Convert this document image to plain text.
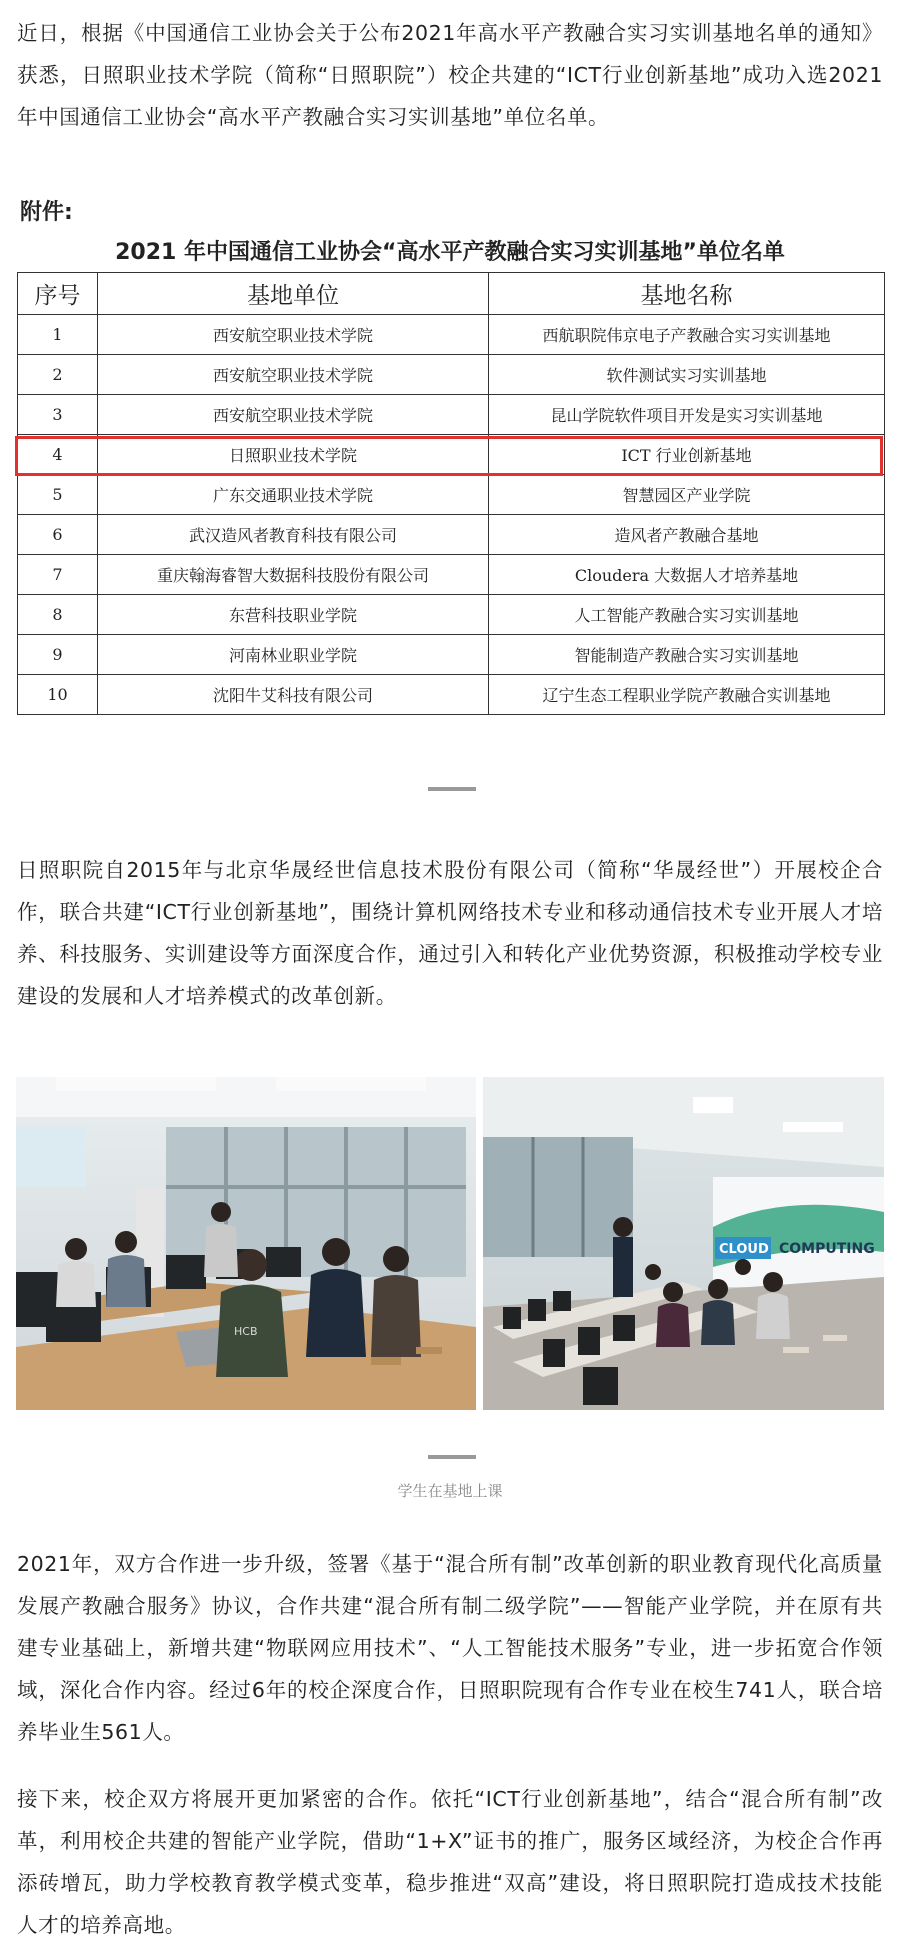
近日，根据《中国通信工业协会关于公布2021年高水平产教融合实习实训基地名单的通知》获悉，日照职业技术学院（简称“日照职院”）校企共建的“ICT行业创新基地”成功入选2021年中国通信工业协会“高水平产教融合实习实训基地”单位名单。

附件:

2021 年中国通信工业协会“高水平产教融合实习实训基地”单位名单

序号	基地单位	基地名称
1	西安航空职业技术学院	西航职院伟京电子产教融合实习实训基地
2	西安航空职业技术学院	软件测试实习实训基地
3	西安航空职业技术学院	昆山学院软件项目开发是实习实训基地
4	日照职业技术学院	ICT 行业创新基地
5	广东交通职业技术学院	智慧园区产业学院
6	武汉造风者教育科技有限公司	造风者产教融合基地
7	重庆翰海睿智大数据科技股份有限公司	Cloudera 大数据人才培养基地
8	东营科技职业学院	人工智能产教融合实习实训基地
9	河南林业职业学院	智能制造产教融合实习实训基地
10	沈阳牛艾科技有限公司	辽宁生态工程职业学院产教融合实训基地

日照职院自2015年与北京华晟经世信息技术股份有限公司（简称“华晟经世”）开展校企合作，联合共建“ICT行业创新基地”，围绕计算机网络技术专业和移动通信技术专业开展人才培养、科技服务、实训建设等方面深度合作，通过引入和转化产业优势资源，积极推动学校专业建设的发展和人才培养模式的改革创新。

HCB
CLOUD COMPUTING

学生在基地上课

2021年，双方合作进一步升级，签署《基于“混合所有制”改革创新的职业教育现代化高质量发展产教融合服务》协议，合作共建“混合所有制二级学院”——智能产业学院，并在原有共建专业基础上，新增共建“物联网应用技术”、“人工智能技术服务”专业，进一步拓宽合作领域，深化合作内容。经过6年的校企深度合作，日照职院现有合作专业在校生741人，联合培养毕业生561人。

接下来，校企双方将展开更加紧密的合作。依托“ICT行业创新基地”，结合“混合所有制”改革，利用校企共建的智能产业学院，借助“1+X”证书的推广，服务区域经济，为校企合作再添砖增瓦，助力学校教育教学模式变革，稳步推进“双高”建设，将日照职院打造成技术技能人才的培养高地。
